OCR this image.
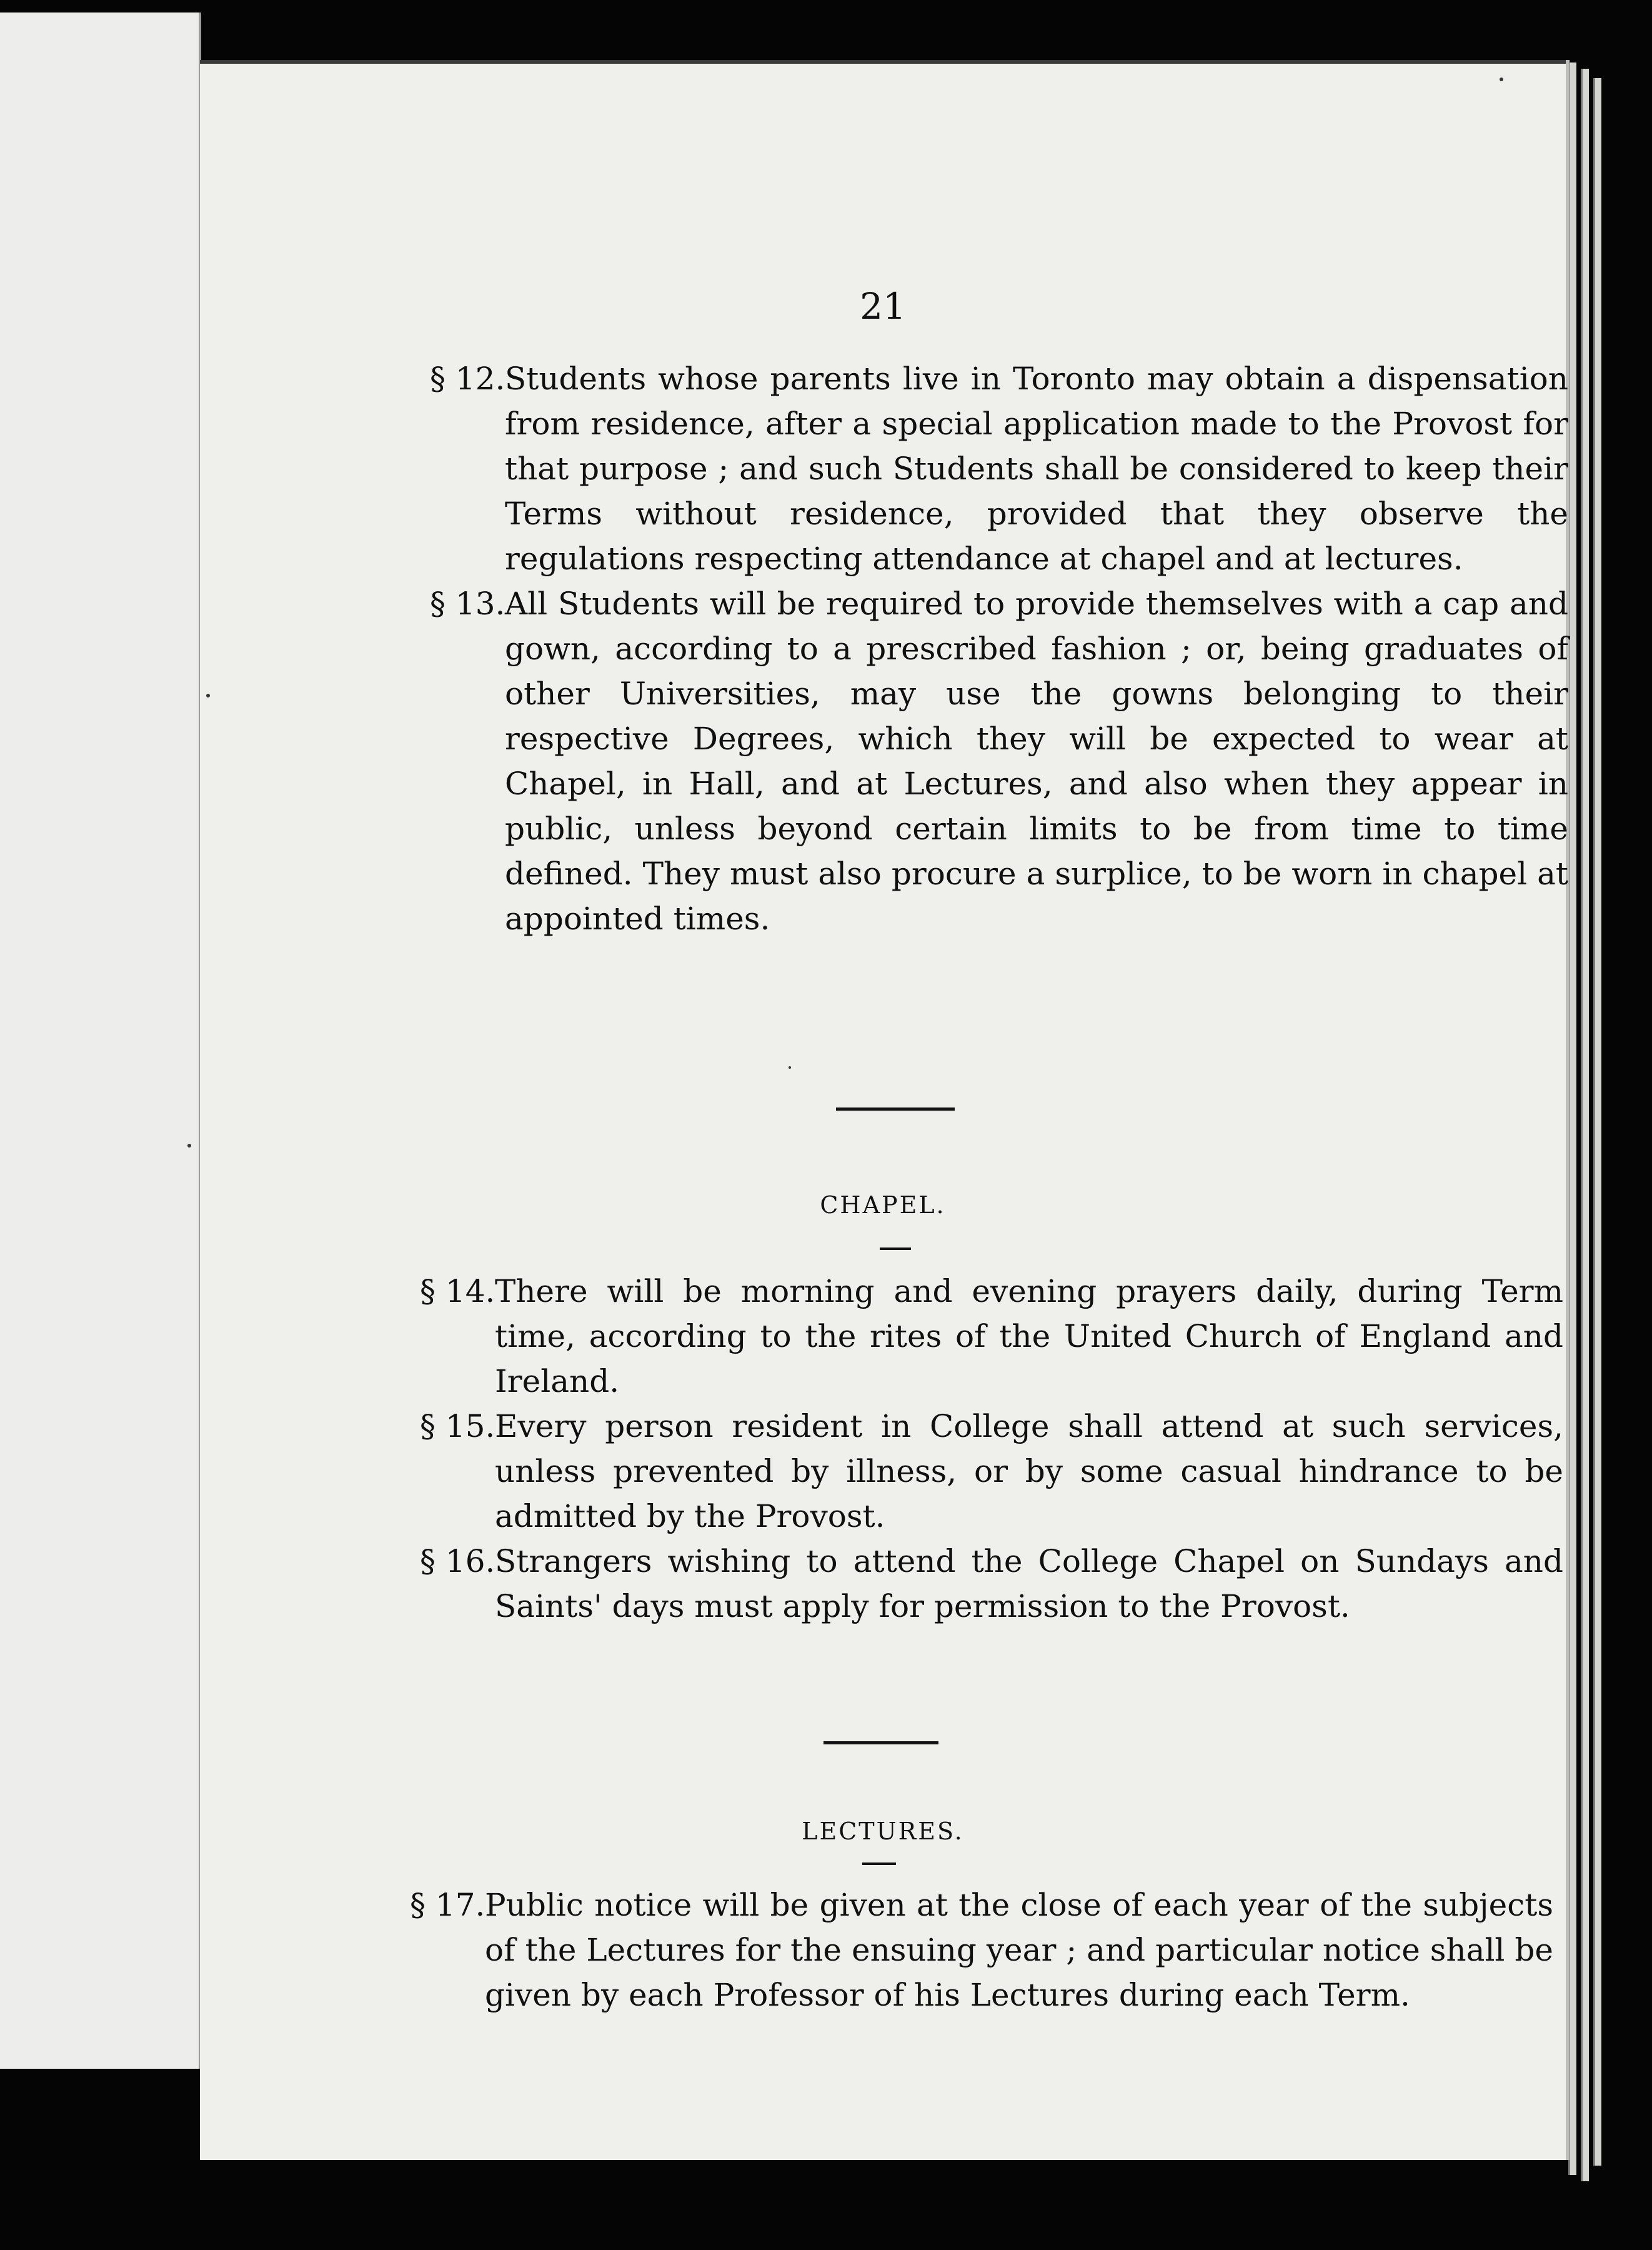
21
§ 12. Students whose parents live in Toronto may obtain a dispensation from residence, after a special application made to the Provost for that purpose ; and such Students shall be considered to keep their Terms without residence, provided that they observe the regulations respecting attendance at chapel and at lectures.
§ 13. All Students will be required to provide themselves with a cap and gown, according to a prescribed fashion ; or, being graduates of other Universities, may use the gowns belonging to their respective Degrees, which they will be expected to wear at Chapel, in Hall, and at Lectures, and also when they appear in public, unless beyond certain limits to be from time to time defined. They must also procure a surplice, to be worn in chapel at appointed times.
CHAPEL.
§ 14. There will be morning and evening prayers daily, during Term time, according to the rites of the United Church of England and Ireland.
§ 15. Every person resident in College shall attend at such services, unless prevented by illness, or by some casual hindrance to be admitted by the Provost.
§ 16. Strangers wishing to attend the College Chapel on Sundays and Saints' days must apply for permission to the Provost.
LECTURES.
§ 17. Public notice will be given at the close of each year of the subjects of the Lectures for the ensuing year ; and particular notice shall be given by each Professor of his Lectures during each Term.
